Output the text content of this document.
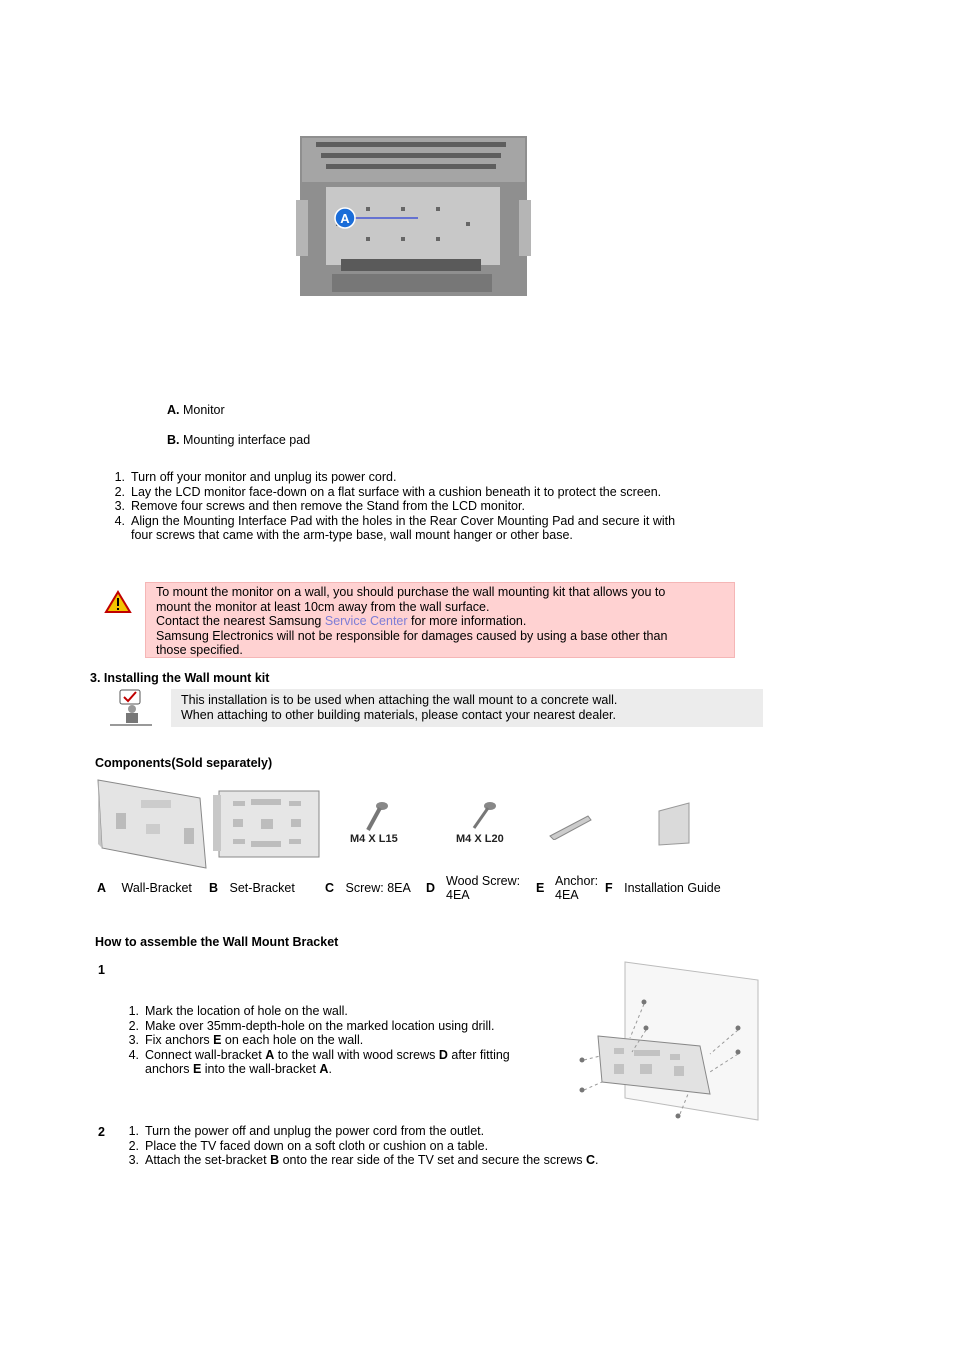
A
A. Monitor
B. Mounting interface pad
1. Turn off your monitor and unplug its power cord.
2. Lay the LCD monitor face-down on a flat surface with a cushion beneath it to protect the screen.
3. Remove four screws and then remove the Stand from the LCD monitor.
4. Align the Mounting Interface Pad with the holes in the Rear Cover Mounting Pad and secure it with
four screws that came with the arm-type base, wall mount hanger or other base.
To mount the monitor on a wall, you should purchase the wall mounting kit that allows you to
mount the monitor at least 10cm away from the wall surface.
Contact the nearest Samsung Service Center for more information.
Samsung Electronics will not be responsible for damages caused by using a base other than
those specified.
3. Installing the Wall mount kit
This installation is to be used when attaching the wall mount to a concrete wall.
When attaching to other building materials, please contact your nearest dealer.
Components(Sold separately)
M4 X L15	M4 X L20
A Wall-Bracket B Set-Bracket C Screw: 8EA D Wood Screw:
4EA	E Anchor:
4EA	F Installation Guide
How to assemble the Wall Mount Bracket
1
1. Mark the location of hole on the wall.
2. Make over 35mm-depth-hole on the marked location using drill.
3. Fix anchors E on each hole on the wall.
4. Connect wall-bracket A to the wall with wood screws D after fitting
anchors E into the wall-bracket A.
2	1. Turn the power off and unplug the power cord from the outlet.
2. Place the TV faced down on a soft cloth or cushion on a table.
3. Attach the set-bracket B onto the rear side of the TV set and secure the screws C.
